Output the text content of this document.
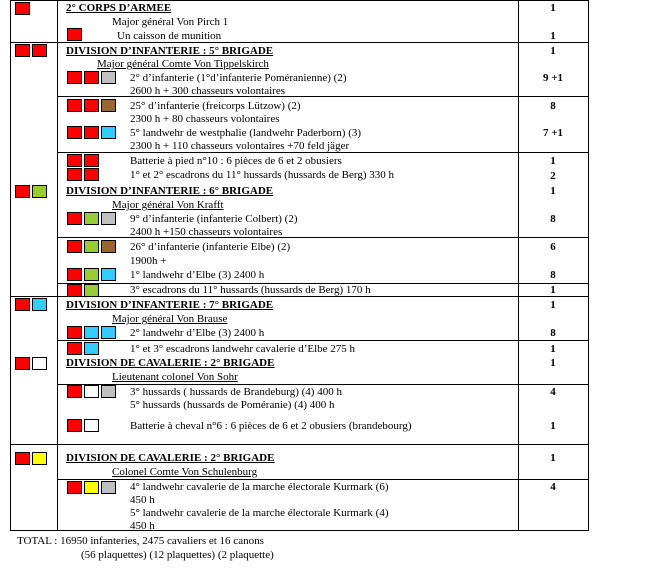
2° CORPS D’ARMEE
Major général Von Pirch 1
Un caisson de munition
1
1
DIVISION D’INFANTERIE : 5° BRIGADE
Major général Comte Von Tippelskirch
2° d’infanterie (1°d’infanterie Poméranienne) (2)
2600 h + 300 chasseurs volontaires
1
9 +1
25° d’infanterie (freicorps Lützow) (2)
2300 h + 80 chasseurs volontaires
5° landwehr de westphalie (landwehr Paderborn) (3)
2300 h + 110 chasseurs volontaires +70 feld jäger
8
7 +1
Batterie à pied n°10 : 6 pièces de 6 et 2 obusiers
1° et 2° escadrons du 11° hussards (hussards de Berg) 330 h
DIVISION D’INFANTERIE : 6° BRIGADE
Major général Von Krafft
9° d’infanterie (infanterie Colbert) (2)
2400 h +150 chasseurs volontaires
1
2
1
8
26° d’infanterie (infanterie Elbe) (2)
1900h +
1° landwehr d’Elbe (3) 2400 h
6
8
3° escadrons du 11° hussards (hussards de Berg) 170 h	1
DIVISION D’INFANTERIE : 7° BRIGADE
Major général Von Brause
2° landwehr d’Elbe (3) 2400 h
1
8
1° et 3° escadrons landwehr cavalerie d’Elbe 275 h
DIVISION DE CAVALERIE : 2° BRIGADE
Lieutenant colonel Von Sohr
3° hussards ( hussards de Brandeburg) (4) 400 h
5° hussards (hussards de Poméranie) (4) 400 h
Batterie à cheval n°6 : 6 pièces de 6 et 2 obusiers (brandebourg)
1
1
4
1
DIVISION DE CAVALERIE : 2° BRIGADE
Colonel Comte Von Schulenburg
4° landwehr cavalerie de la marche électorale Kurmark (6)
450 h
5° landwehr cavalerie de la marche électorale Kurmark (4)
450 h
1
4
TOTAL : 16950 infanteries, 2475 cavaliers et 16 canons
(56 plaquettes) (12 plaquettes) (2 plaquette)
